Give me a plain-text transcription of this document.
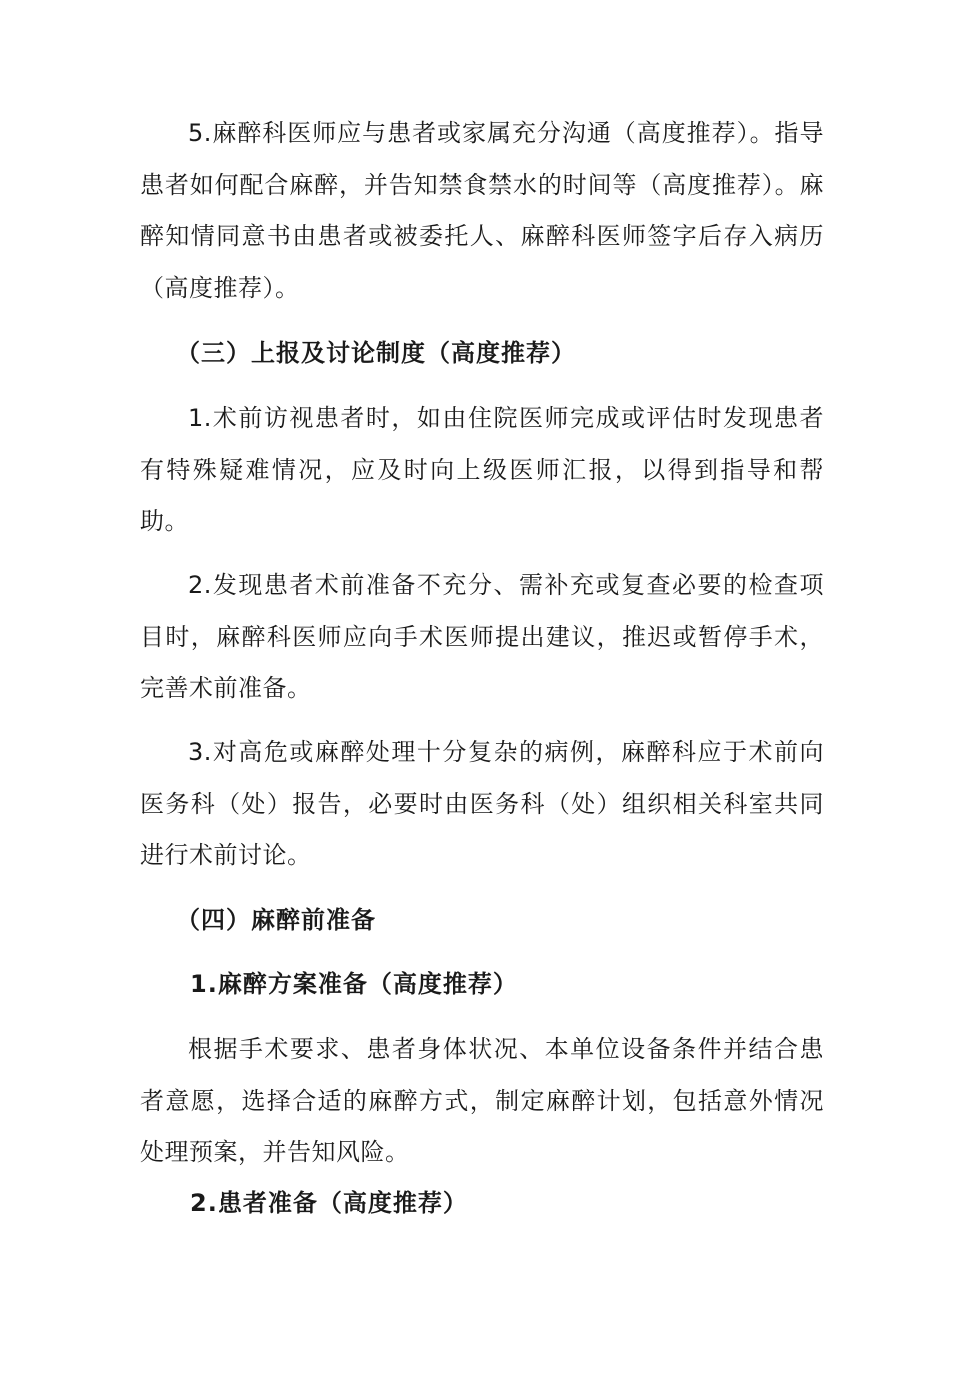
5.麻醉科医师应与患者或家属充分沟通（高度推荐）。指导患者如何配合麻醉，并告知禁食禁水的时间等（高度推荐）。麻醉知情同意书由患者或被委托人、麻醉科医师签字后存入病历（高度推荐）。

（三）上报及讨论制度（高度推荐）

1.术前访视患者时，如由住院医师完成或评估时发现患者有特殊疑难情况，应及时向上级医师汇报，以得到指导和帮助。

2.发现患者术前准备不充分、需补充或复查必要的检查项目时，麻醉科医师应向手术医师提出建议，推迟或暂停手术，完善术前准备。

3.对高危或麻醉处理十分复杂的病例，麻醉科应于术前向医务科（处）报告，必要时由医务科（处）组织相关科室共同进行术前讨论。

（四）麻醉前准备

1.麻醉方案准备（高度推荐）

根据手术要求、患者身体状况、本单位设备条件并结合患者意愿，选择合适的麻醉方式，制定麻醉计划，包括意外情况处理预案，并告知风险。

2.患者准备（高度推荐）
